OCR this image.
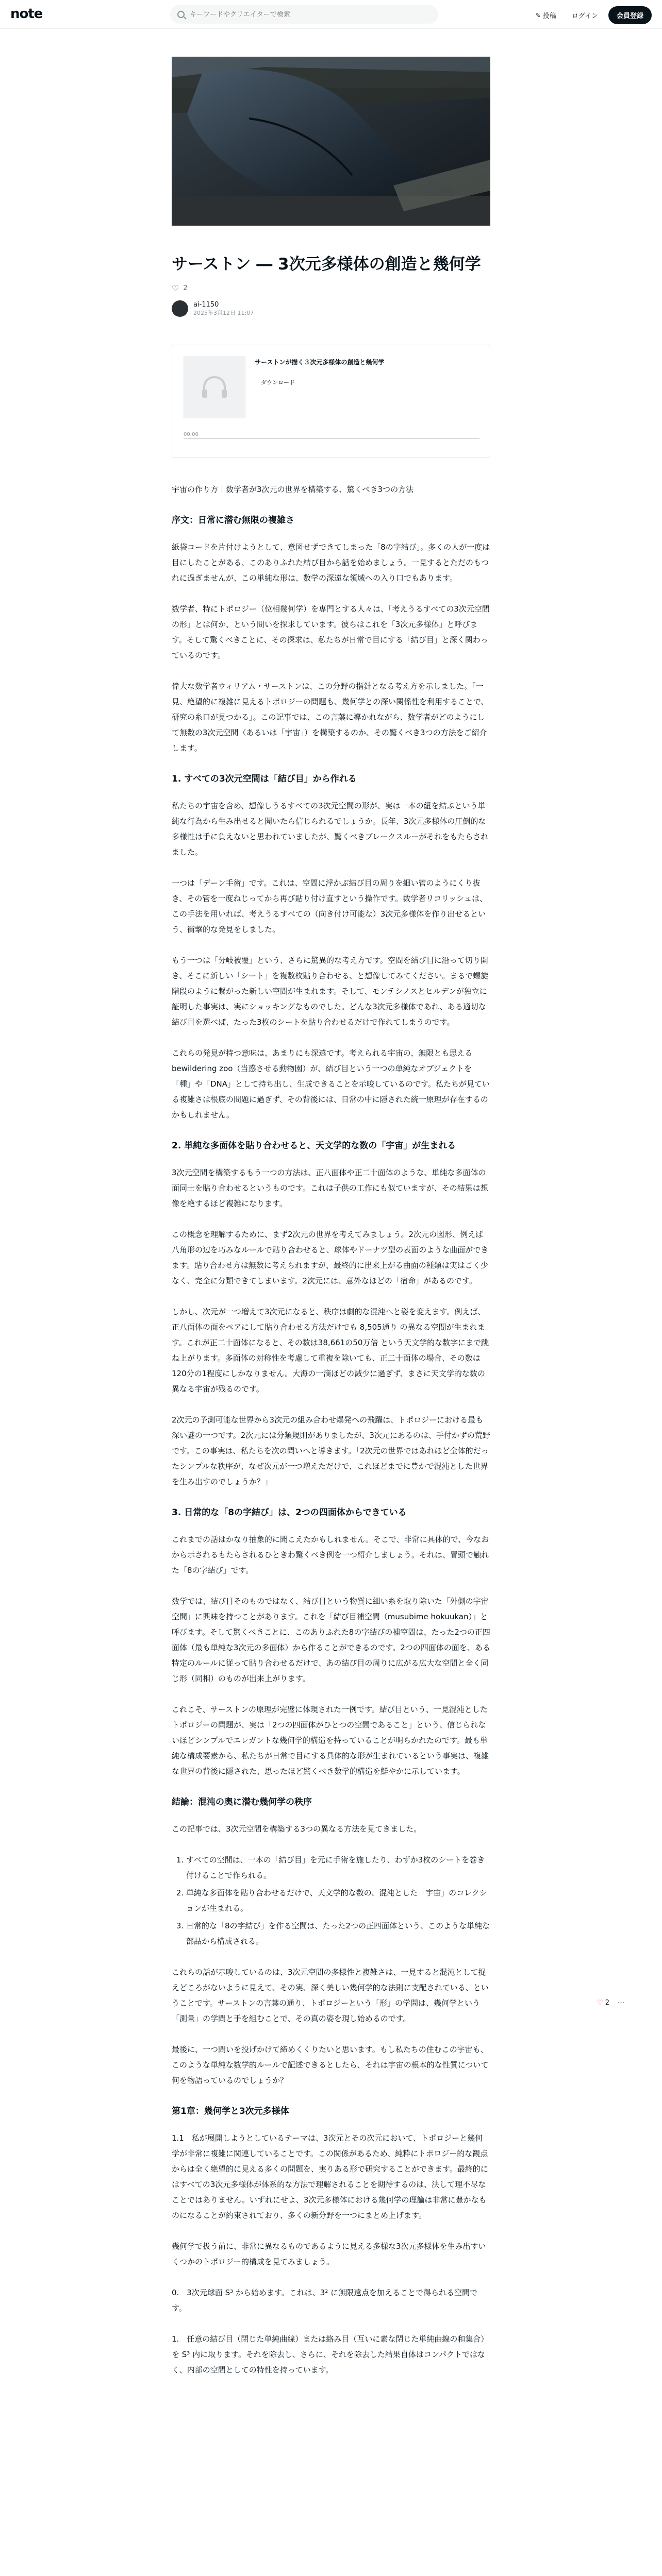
note
キーワードやクリエイターで検索	✎ 投稿	ログイン	会員登録
サーストン ― 3次元多様体の創造と幾何学
♡ 2
ai-1150
2025年3月12日 11:07
サーストンが描く３次元多様体の創造と幾何学
ダウンロード
00:00

宇宙の作り方｜数学者が3次元の世界を構築する、驚くべき3つの方法

序文：日常に潜む無限の複雑さ

紙袋コードを片付けようとして、意図せずできてしまった「8の字結び」。多くの人が一度は目にしたことがある、このありふれた結び目から話を始めましょう。一見するとただのもつれに過ぎませんが、この単純な形は、数学の深遠な領域への入り口でもあります。

数学者、特にトポロジー（位相幾何学）を専門とする人々は、「考えうるすべての3次元空間の形」とは何か、という問いを探求しています。彼らはこれを「3次元多様体」と呼びます。そして驚くべきことに、その探求は、私たちが日常で目にする「結び目」と深く関わっているのです。

偉大な数学者ウィリアム・サーストンは、この分野の指針となる考え方を示しました。「一見、絶望的に複雑に見えるトポロジーの問題も、幾何学との深い関係性を利用することで、研究の糸口が見つかる」。この記事では、この言葉に導かれながら、数学者がどのようにして無数の3次元空間（あるいは「宇宙」）を構築するのか、その驚くべき3つの方法をご紹介します。

1. すべての3次元空間は「結び目」から作れる

私たちの宇宙を含め、想像しうるすべての3次元空間の形が、実は一本の紐を結ぶという単純な行為から生み出せると聞いたら信じられるでしょうか。長年、3次元多様体の圧倒的な多様性は手に負えないと思われていましたが、驚くべきブレークスルーがそれをもたらされました。

一つは「デーン手術」です。これは、空間に浮かぶ結び目の周りを細い管のようにくり抜き、その管を一度ねじってから再び貼り付け直すという操作です。数学者リコリッシュは、この手法を用いれば、考えうるすべての（向き付け可能な）3次元多様体を作り出せるという、衝撃的な発見をしました。

もう一つは「分岐被覆」という、さらに驚異的な考え方です。空間を結び目に沿って切り開き、そこに新しい「シート」を複数枚貼り合わせる、と想像してみてください。まるで螺旋階段のように繋がった新しい空間が生まれます。そして、モンテシノスとヒルデンが独立に証明した事実は、実にショッキングなものでした。どんな3次元多様体であれ、ある適切な結び目を選べば、たった3枚のシートを貼り合わせるだけで作れてしまうのです。

これらの発見が持つ意味は、あまりにも深遠です。考えられる宇宙の、無限とも思える bewildering zoo（当惑させる動物園）が、結び目という一つの単純なオブジェクトを「種」や「DNA」として持ち出し、生成できることを示唆しているのです。私たちが見ている複雑さは根底の問題に過ぎず、その背後には、日常の中に隠された統一原理が存在するのかもしれません。

2. 単純な多面体を貼り合わせると、天文学的な数の「宇宙」が生まれる

3次元空間を構築するもう一つの方法は、正八面体や正二十面体のような、単純な多面体の面同士を貼り合わせるというものです。これは子供の工作にも似ていますが、その結果は想像を絶するほど複雑になります。

この概念を理解するために、まず2次元の世界を考えてみましょう。2次元の図形、例えば八角形の辺を巧みなルールで貼り合わせると、球体やドーナツ型の表面のような曲面ができます。貼り合わせ方は無数に考えられますが、最終的に出来上がる曲面の種類は実はごく少なく、完全に分類できてしまいます。2次元には、意外なほどの「宿命」があるのです。

しかし、次元が一つ増えて3次元になると、秩序は劇的な混沌へと姿を変えます。例えば、正八面体の面をペアにして貼り合わせる方法だけでも 8,505通り の異なる空間が生まれます。これが正二十面体になると、その数は38,661の50万倍 という天文学的な数字にまで跳ね上がります。多面体の対称性を考慮して重複を除いても、正二十面体の場合、その数は120分の1程度にしかなりません。大海の一滴ほどの減少に過ぎず、まさに天文学的な数の異なる宇宙が残るのです。

2次元の予測可能な世界から3次元の組み合わせ爆発への飛躍は、トポロジーにおける最も深い謎の一つです。2次元には分類規則がありましたが、3次元にあるのは、手付かずの荒野です。この事実は、私たちを次の問いへと導きます。「2次元の世界ではあれほど全体的だったシンプルな秩序が、なぜ次元が一つ増えただけで、これほどまでに豊かで混沌とした世界を生み出すのでしょうか？」

3. 日常的な「8の字結び」は、2つの四面体からできている

これまでの話はかなり抽象的に聞こえたかもしれません。そこで、非常に具体的で、今なおから示されるもたらされるひときわ驚くべき例を一つ紹介しましょう。それは、冒頭で触れた「8の字結び」です。

数学では、結び目そのものではなく、結び目という物質に細い糸を取り除いた「外側の宇宙空間」に興味を持つことがあります。これを「結び目補空間（musubime hokuukan）」と呼びます。そして驚くべきことに、このありふれた8の字結びの補空間は、たった2つの正四面体（最も単純な3次元の多面体）から作ることができるのです。2つの四面体の面を、ある特定のルールに従って貼り合わせるだけで、あの結び目の周りに広がる広大な空間と全く同じ形（同相）のものが出来上がります。

これこそ、サーストンの原理が完璧に体現された一例です。結び目という、一見混沌としたトポロジーの問題が、実は「2つの四面体がひとつの空間であること」という、信じられないほどシンプルでエレガントな幾何学的構造を持っていることが明らかれたのです。最も単純な構成要素から、私たちが日常で目にする具体的な形が生まれているという事実は、複雑な世界の背後に隠された、思ったほど驚くべき数学的構造を鮮やかに示しています。

結論：混沌の奥に潜む幾何学の秩序

この記事では、3次元空間を構築する3つの異なる方法を見てきました。

1. すべての空間は、一本の「結び目」を元に手術を施したり、わずか3枚のシートを巻き付けることで作られる。
2. 単純な多面体を貼り合わせるだけで、天文学的な数の、混沌とした「宇宙」のコレクションが生まれる。
3. 日常的な「8の字結び」を作る空間は、たった2つの正四面体という、このような単純な部品から構成される。

これらの話が示唆しているのは、3次元空間の多様性と複雑さは、一見すると混沌として捉えどころがないように見えて、その実、深く美しい幾何学的な法則に支配されている、ということです。サーストンの言葉の通り、トポロジーという「形」の学問は、幾何学という「測量」の学問と手を組むことで、その真の姿を現し始めるのです。

最後に、一つ問いを投げかけて締めくくりたいと思います。もし私たちの住むこの宇宙も、このような単純な数学的ルールで記述できるとしたら、それは宇宙の根本的な性質について何を物語っているのでしょうか？

第1章：幾何学と3次元多様体

1.1　私が展開しようとしているテーマは、3次元とその次元において、トポロジーと幾何学が非常に複雑に関連していることです。この関係があるため、純粋にトポロジー的な観点からは全く絶望的に見える多くの問題を、実りある形で研究することができます。最終的にはすべての3次元多様体が体系的な方法で理解されることを期待するのは、決して理不尽なことではありません。いずれにせよ、3次元多様体における幾何学の理論は非常に豊かなものになることが約束されており、多くの新分野を一つにまとめ上げます。

幾何学で扱う前に、非常に異なるものであるように見える多様な3次元多様体を生み出すいくつかのトポロジー的構成を見てみましょう。

0.　3次元球面 S³ から始めます。これは、3² に無限遠点を加えることで得られる空間です。

1.　任意の結び目（閉じた単純曲線）または絡み目（互いに素な閉じた単純曲線の和集合）を S³ 内に取ります。それを除去し、さらに、それを除去した結果自体はコンパクトではなく、内部の空間としての特性を持っています。

♡ 2 ⋯
